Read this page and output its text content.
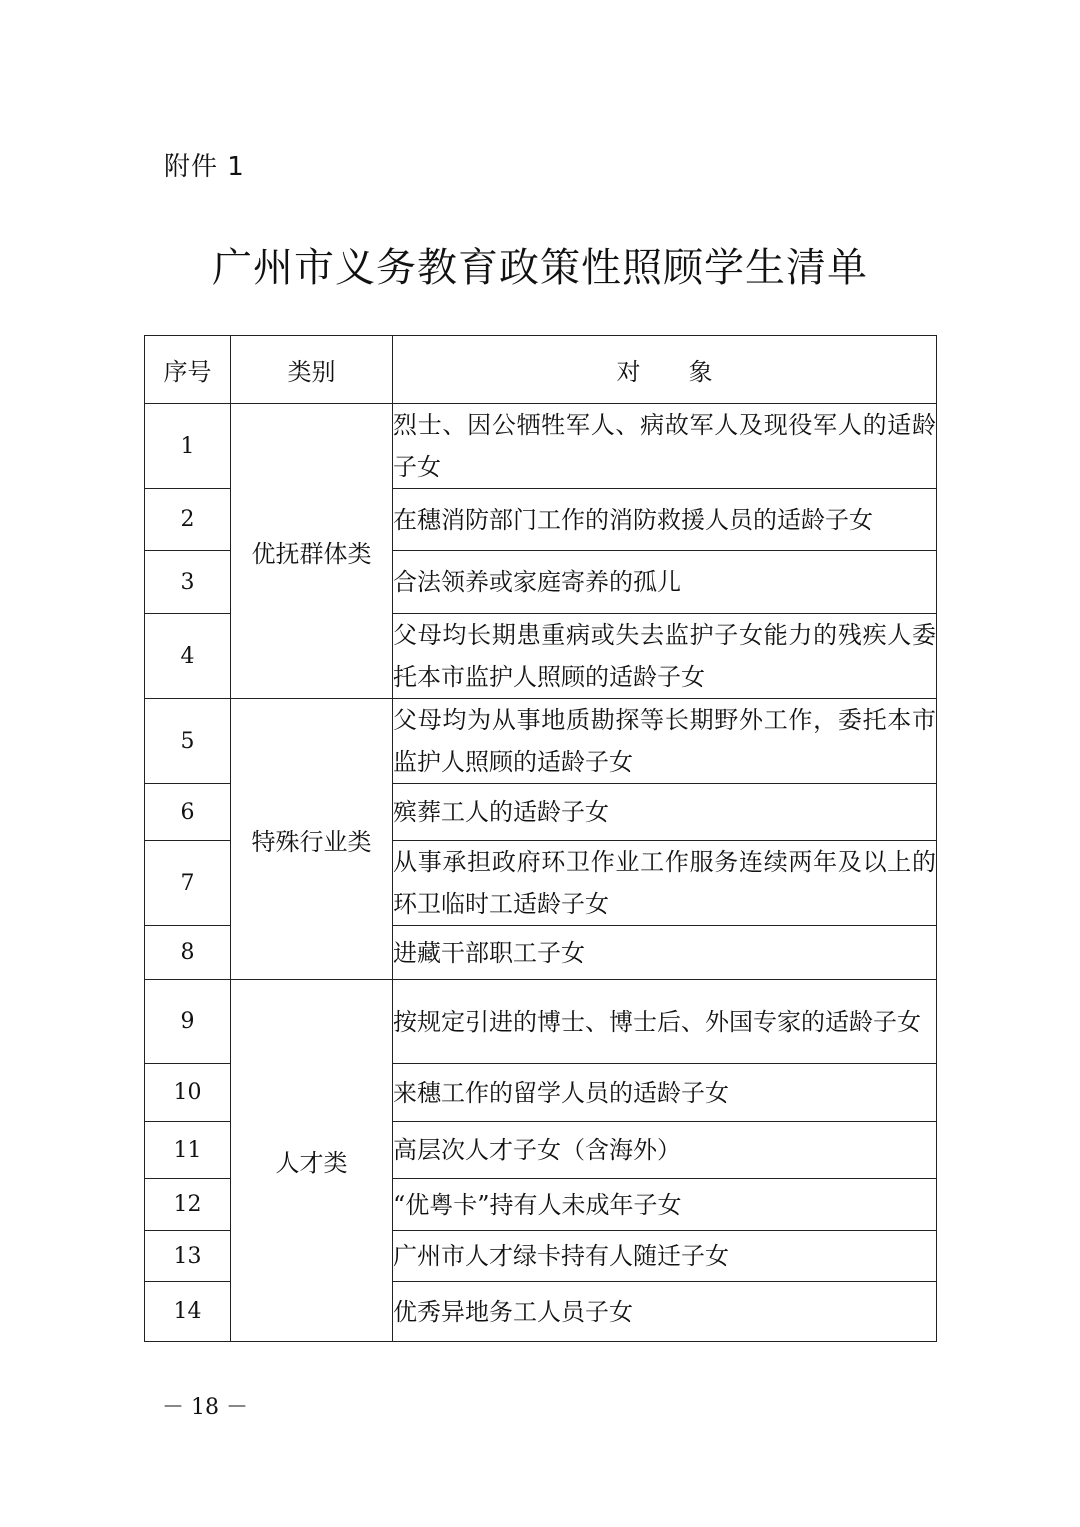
附件 1
广州市义务教育政策性照顾学生清单
序号	类别	对　　象
1	优抚群体类	烈士、因公牺牲军人、病故军人及现役军人的适龄子女
2		在穗消防部门工作的消防救援人员的适龄子女
3		合法领养或家庭寄养的孤儿
4		父母均长期患重病或失去监护子女能力的残疾人委托本市监护人照顾的适龄子女
5	特殊行业类	父母均为从事地质勘探等长期野外工作，委托本市监护人照顾的适龄子女
6		殡葬工人的适龄子女
7		从事承担政府环卫作业工作服务连续两年及以上的环卫临时工适龄子女
8		进藏干部职工子女
9	人才类	按规定引进的博士、博士后、外国专家的适龄子女
10		来穗工作的留学人员的适龄子女
11		高层次人才子女（含海外）
12		“优粤卡”持有人未成年子女
13		广州市人才绿卡持有人随迁子女
14		优秀异地务工人员子女
－ 18 －
